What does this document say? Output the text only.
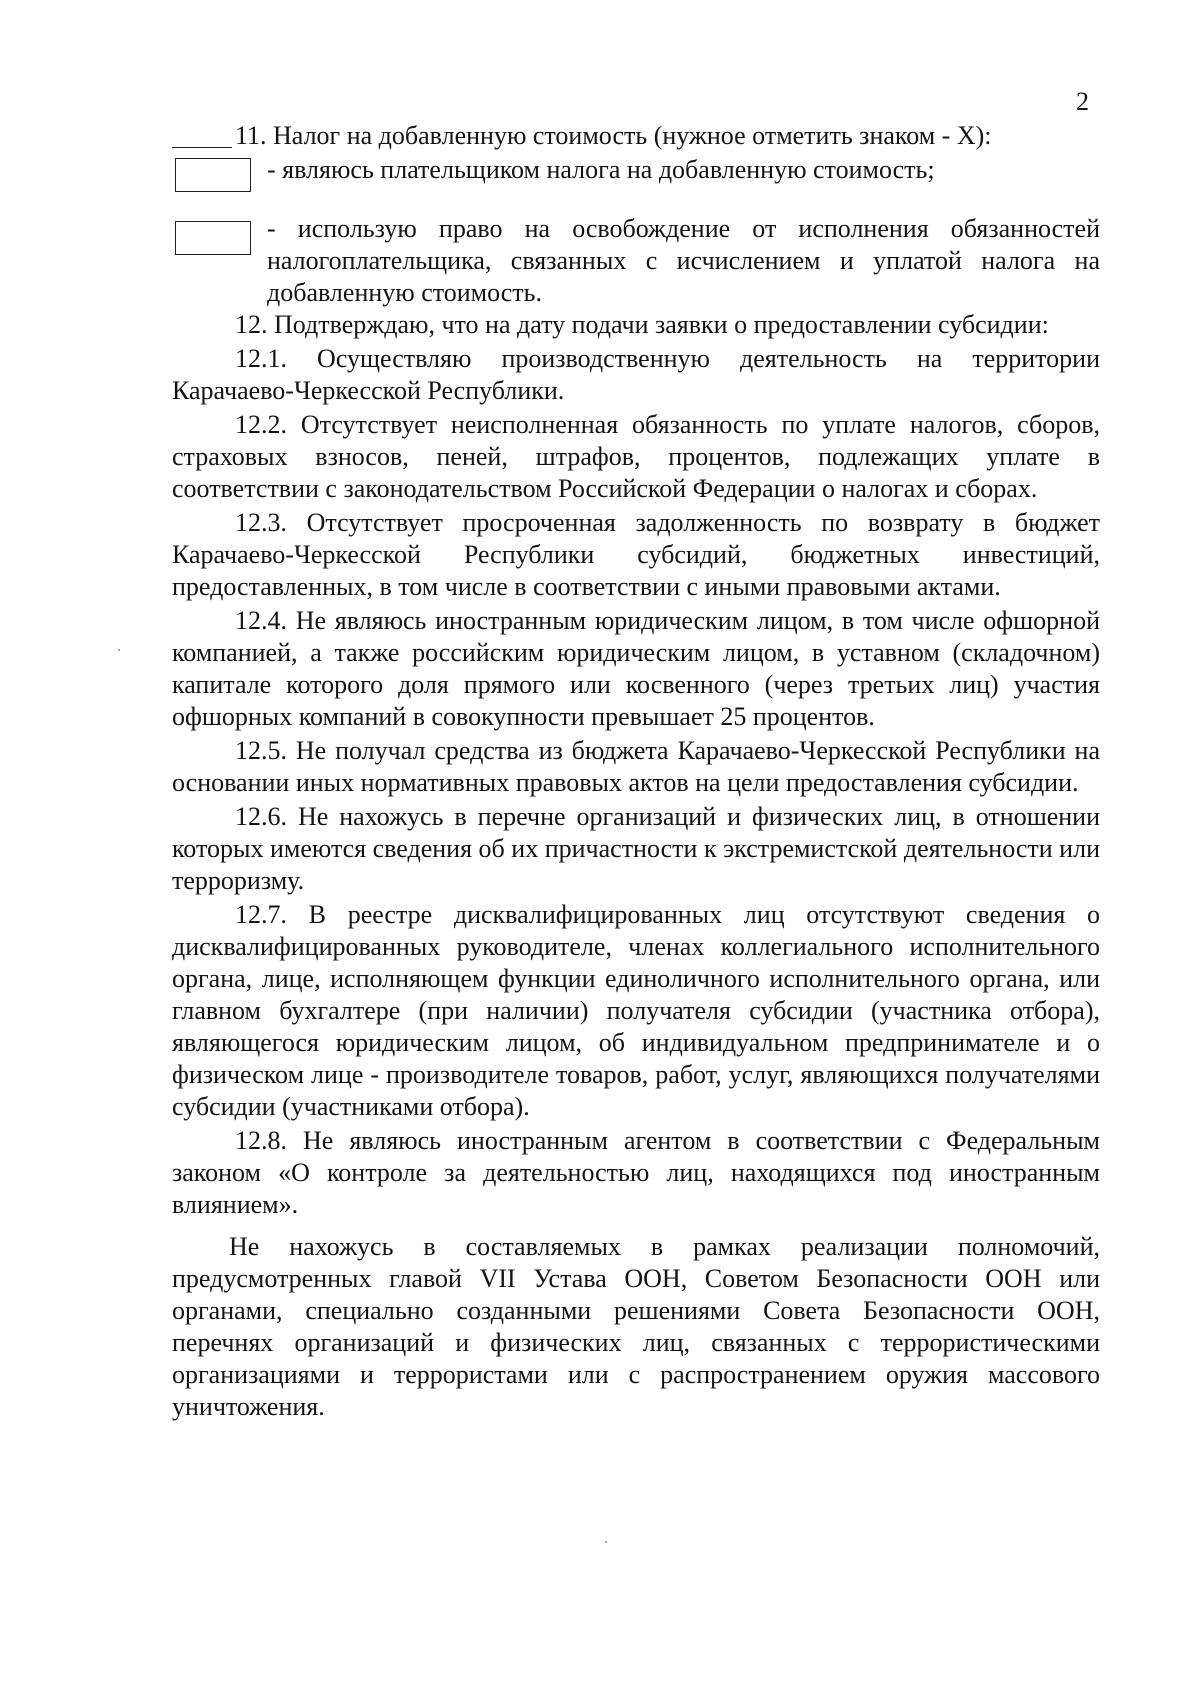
2

11. Налог на добавленную стоимость (нужное отметить знаком - Х):

- являюсь плательщиком налога на добавленную стоимость;
- использую право на освобождение от исполнения обязанностей налогоплательщика, связанных с исчислением и уплатой налога на добавленную стоимость.

12. Подтверждаю, что на дату подачи заявки о предоставлении субсидии:

12.1. Осуществляю производственную деятельность на территории Карачаево-Черкесской Республики.

12.2. Отсутствует неисполненная обязанность по уплате налогов, сборов, страховых взносов, пеней, штрафов, процентов, подлежащих уплате в соответствии с законодательством Российской Федерации о налогах и сборах.

12.3. Отсутствует просроченная задолженность по возврату в бюджет Карачаево-Черкесской Республики субсидий, бюджетных инвестиций, предоставленных, в том числе в соответствии с иными правовыми актами.

12.4. Не являюсь иностранным юридическим лицом, в том числе офшорной компанией, а также российским юридическим лицом, в уставном (складочном) капитале которого доля прямого или косвенного (через третьих лиц) участия офшорных компаний в совокупности превышает 25 процентов.

12.5. Не получал средства из бюджета Карачаево-Черкесской Республики на основании иных нормативных правовых актов на цели предоставления субсидии.

12.6. Не нахожусь в перечне организаций и физических лиц, в отношении которых имеются сведения об их причастности к экстремистской деятельности или терроризму.

12.7. В реестре дисквалифицированных лиц отсутствуют сведения о дисквалифицированных руководителе, членах коллегиального исполнительного органа, лице, исполняющем функции единоличного исполнительного органа, или главном бухгалтере (при наличии) получателя субсидии (участника отбора), являющегося юридическим лицом, об индивидуальном предпринимателе и о физическом лице - производителе товаров, работ, услуг, являющихся получателями субсидии (участниками отбора).

12.8. Не являюсь иностранным агентом в соответствии с Федеральным законом «О контроле за деятельностью лиц, находящихся под иностранным влиянием».

Не нахожусь в составляемых в рамках реализации полномочий, предусмотренных главой VII Устава ООН, Советом Безопасности ООН или органами, специально созданными решениями Совета Безопасности ООН, перечнях организаций и физических лиц, связанных с террористическими организациями и террористами или с распространением оружия массового уничтожения.
